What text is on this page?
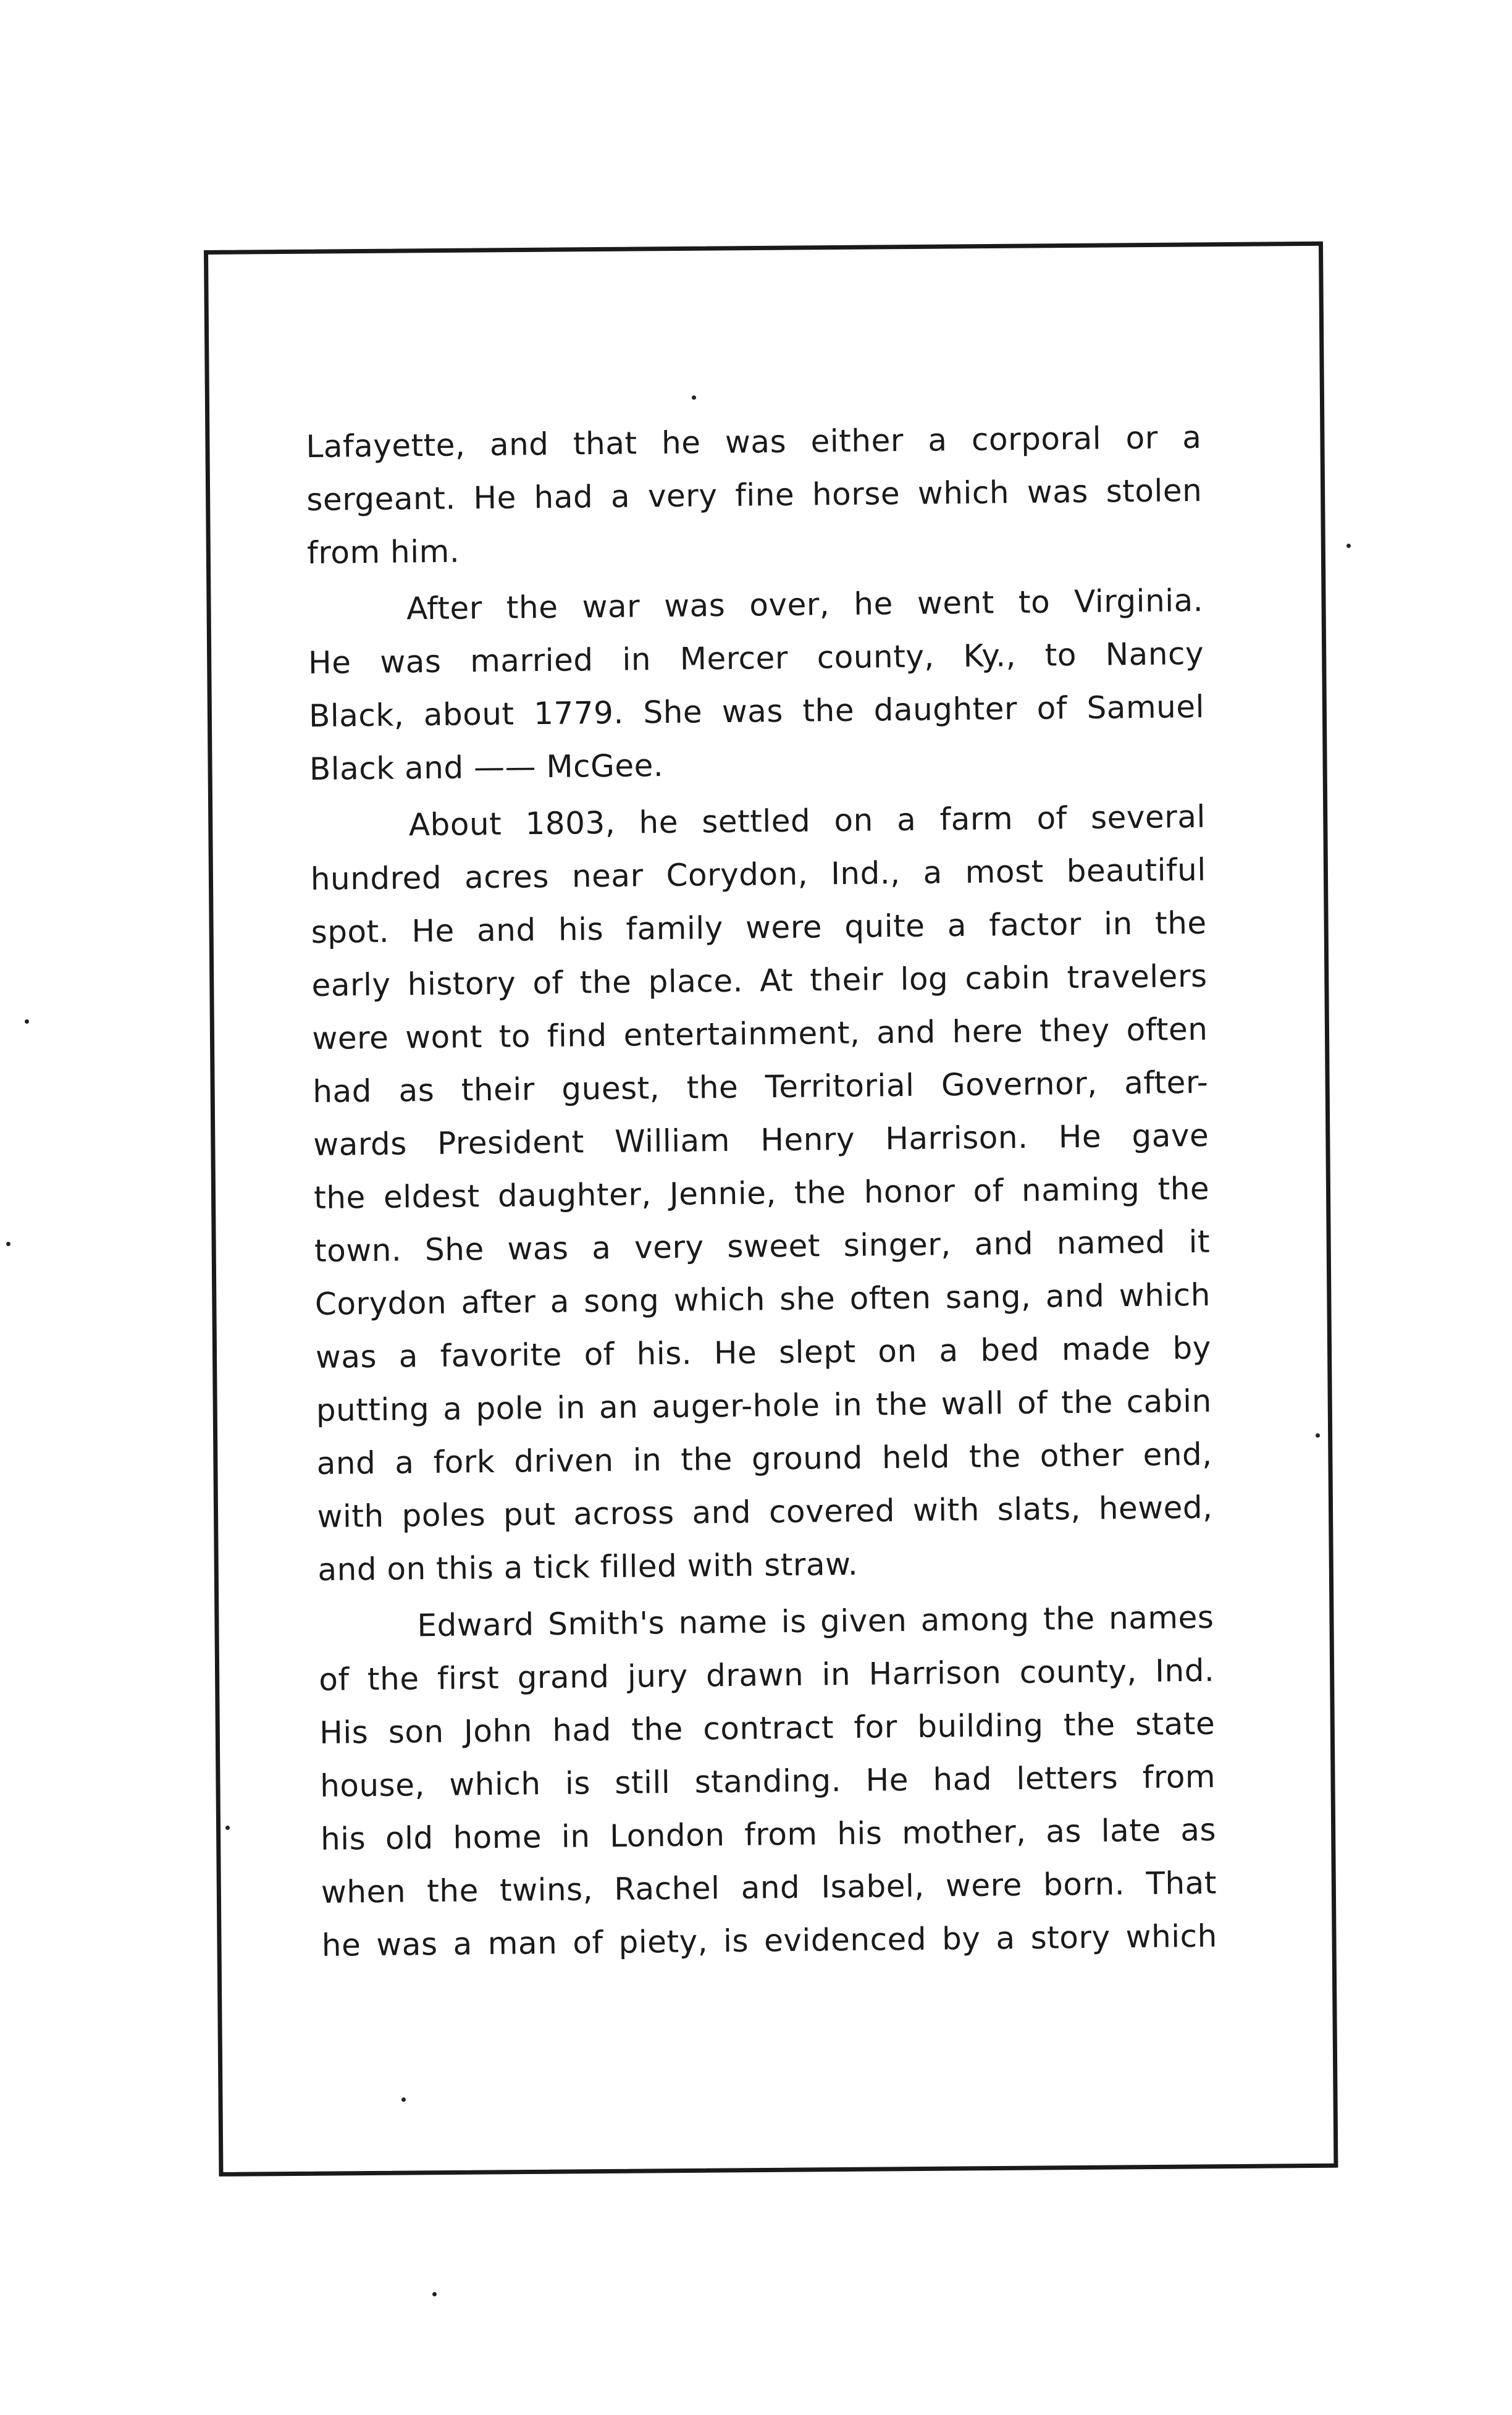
Lafayette, and that he was either a corporal or a
sergeant. He had a very fine horse which was stolen
from him.
After the war was over, he went to Virginia.
He was married in Mercer county, Ky., to Nancy
Black, about 1779. She was the daughter of Samuel
Black and —— McGee.
About 1803, he settled on a farm of several
hundred acres near Corydon, Ind., a most beautiful
spot. He and his family were quite a factor in the
early history of the place. At their log cabin travelers
were wont to find entertainment, and here they often
had as their guest, the Territorial Governor, after-
wards President William Henry Harrison. He gave
the eldest daughter, Jennie, the honor of naming the
town. She was a very sweet singer, and named it
Corydon after a song which she often sang, and which
was a favorite of his. He slept on a bed made by
putting a pole in an auger-hole in the wall of the cabin
and a fork driven in the ground held the other end,
with poles put across and covered with slats, hewed,
and on this a tick filled with straw.
Edward Smith's name is given among the names
of the first grand jury drawn in Harrison county, Ind.
His son John had the contract for building the state
house, which is still standing. He had letters from
his old home in London from his mother, as late as
when the twins, Rachel and Isabel, were born. That
he was a man of piety, is evidenced by a story which
